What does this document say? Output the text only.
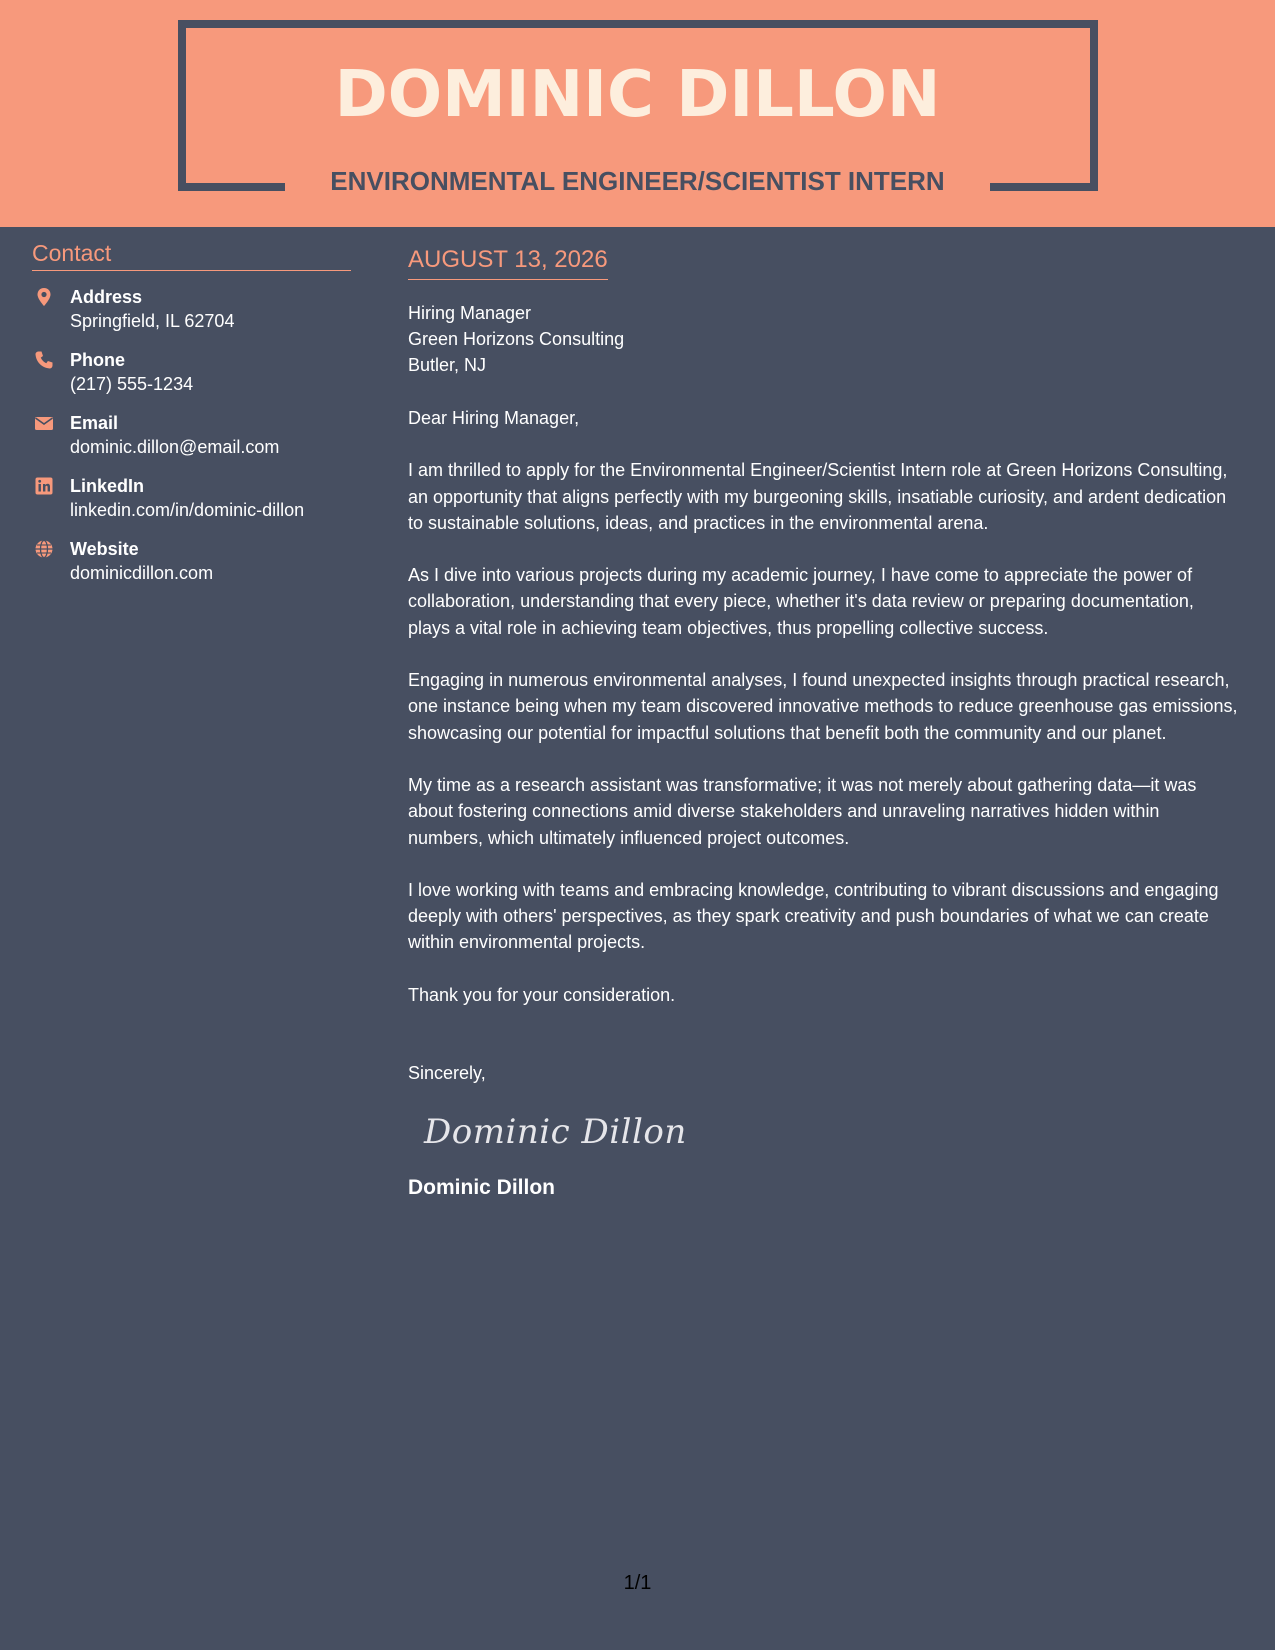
DOMINIC DILLON
ENVIRONMENTAL ENGINEER/SCIENTIST INTERN
Contact
Address
Springfield, IL 62704
Phone
(217) 555-1234
Email
dominic.dillon@email.com
LinkedIn
linkedin.com/in/dominic-dillon
Website
dominicdillon.com
AUGUST 13, 2026
Hiring Manager
Green Horizons Consulting
Butler, NJ

Dear Hiring Manager,

I am thrilled to apply for the Environmental Engineer/Scientist Intern role at Green Horizons Consulting, an opportunity that aligns perfectly with my burgeoning skills, insatiable curiosity, and ardent dedication to sustainable solutions, ideas, and practices in the environmental arena.

As I dive into various projects during my academic journey, I have come to appreciate the power of collaboration, understanding that every piece, whether it's data review or preparing documentation, plays a vital role in achieving team objectives, thus propelling collective success.

Engaging in numerous environmental analyses, I found unexpected insights through practical research, one instance being when my team discovered innovative methods to reduce greenhouse gas emissions, showcasing our potential for impactful solutions that benefit both the community and our planet.

My time as a research assistant was transformative; it was not merely about gathering data—it was about fostering connections amid diverse stakeholders and unraveling narratives hidden within numbers, which ultimately influenced project outcomes.

I love working with teams and embracing knowledge, contributing to vibrant discussions and engaging deeply with others' perspectives, as they spark creativity and push boundaries of what we can create within environmental projects.

Thank you for your consideration.

Sincerely,

Dominic Dillon
Dominic Dillon
1/1
